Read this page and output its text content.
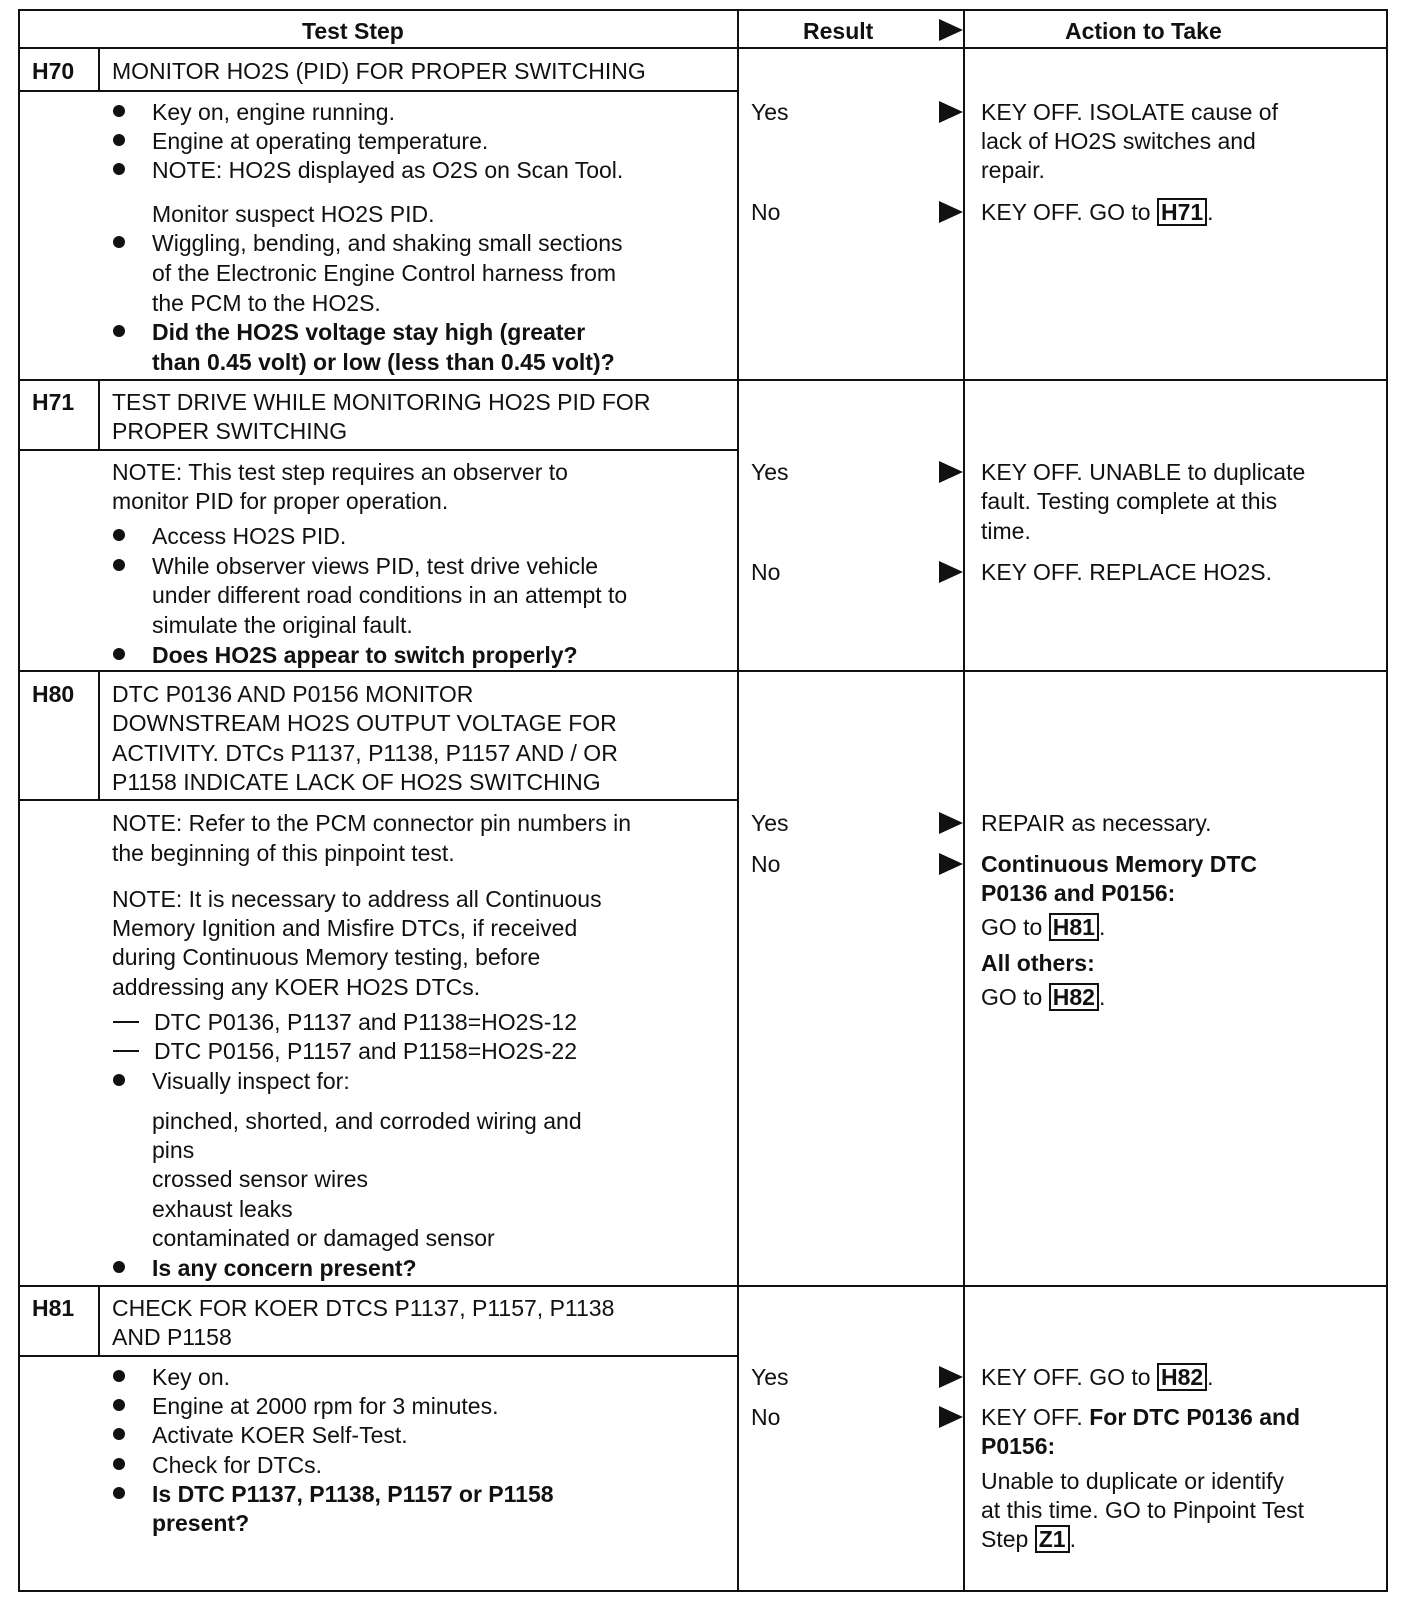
Test Step	Result	Action to Take
H70 MONITOR HO2S (PID) FOR PROPER SWITCHING
Key on, engine running.
Engine at operating temperature.
NOTE: HO2S displayed as O2S on Scan Tool.
Monitor suspect HO2S PID.
Wiggling, bending, and shaking small sections
of the Electronic Engine Control harness from
the PCM to the HO2S.
Did the HO2S voltage stay high (greater
than 0.45 volt) or low (less than 0.45 volt)?
Yes
No
KEY OFF. ISOLATE cause of
lack of HO2S switches and
repair.
KEY OFF. GO to H71 .
H71 TEST DRIVE WHILE MONITORING HO2S PID FOR
PROPER SWITCHING
NOTE: This test step requires an observer to
monitor PID for proper operation.
Access HO2S PID.
While observer views PID, test drive vehicle
under different road conditions in an attempt to
simulate the original fault.
Does HO2S appear to switch properly?
Yes
No
KEY OFF. UNABLE to duplicate
fault. Testing complete at this
time.
KEY OFF. REPLACE HO2S.
H80 DTC P0136 AND P0156 MONITOR
DOWNSTREAM HO2S OUTPUT VOLTAGE FOR
ACTIVITY. DTCs P1137, P1138, P1157 AND / OR
P1158 INDICATE LACK OF HO2S SWITCHING
NOTE: Refer to the PCM connector pin numbers in
the beginning of this pinpoint test.
NOTE: It is necessary to address all Continuous
Memory Ignition and Misfire DTCs, if received
during Continuous Memory testing, before
addressing any KOER HO2S DTCs.
DTC P0136, P1137 and P1138=HO2S-12
DTC P0156, P1157 and P1158=HO2S-22
Visually inspect for:
pinched, shorted, and corroded wiring and
pins
crossed sensor wires
exhaust leaks
contaminated or damaged sensor
Is any concern present?
Yes
No
REPAIR as necessary.
Continuous Memory DTC
P0136 and P0156:
GO to H81 .
All others:
GO to H82 .
H81 CHECK FOR KOER DTCS P1137, P1157, P1138
AND P1158
Key on.
Engine at 2000 rpm for 3 minutes.
Activate KOER Self-Test.
Check for DTCs.
Is DTC P1137, P1138, P1157 or P1158
present?
Yes
No
KEY OFF. GO to H82 .
KEY OFF. For DTC P0136 and
P0156:
Unable to duplicate or identify
at this time. GO to Pinpoint Test
Step Z1 .
